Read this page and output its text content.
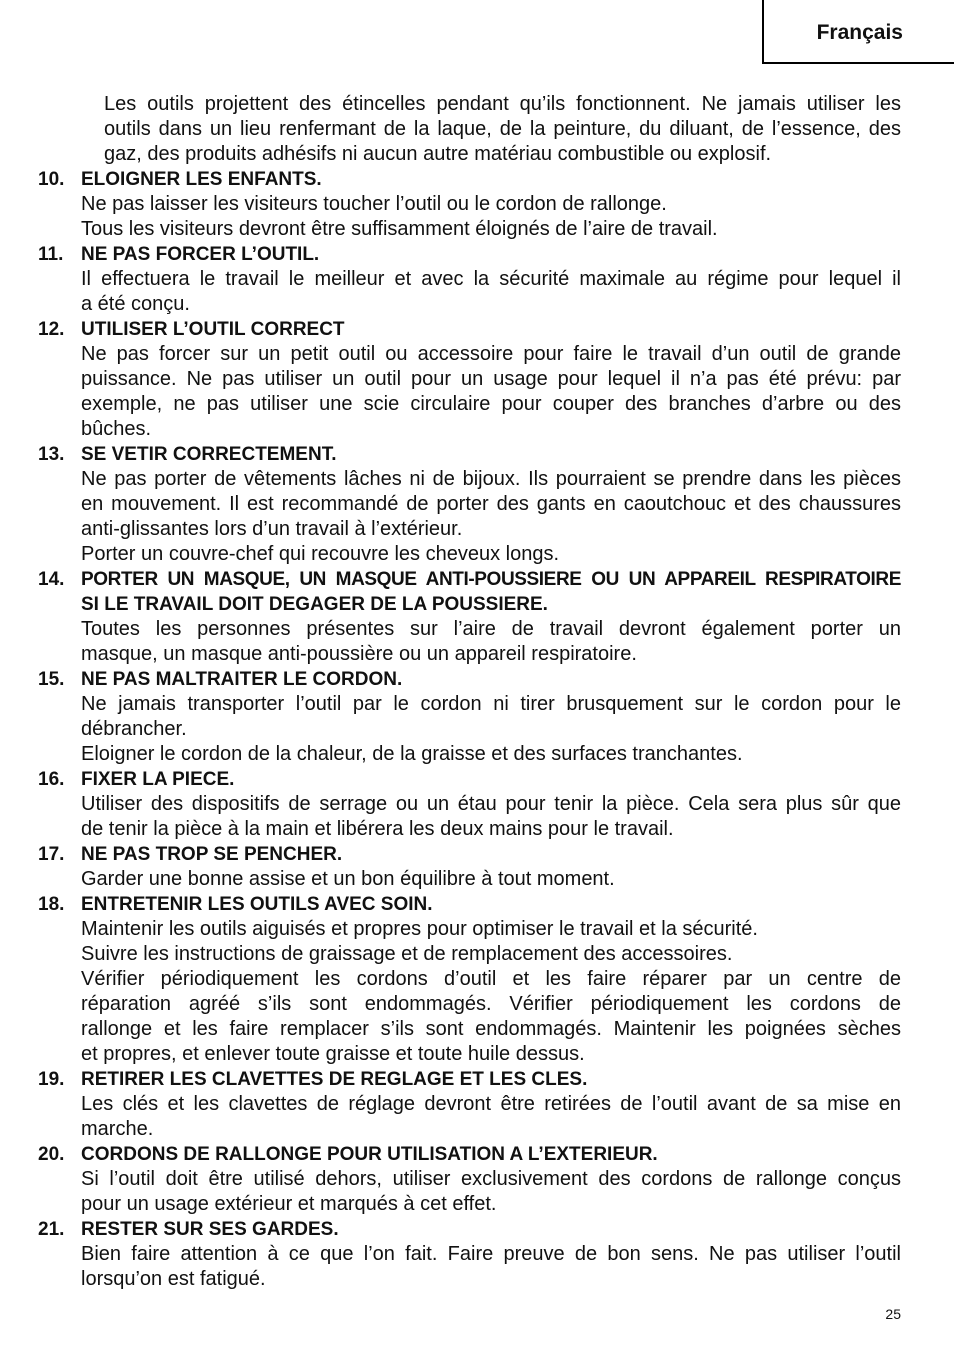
Français
Les outils projettent des étincelles pendant qu’ils fonctionnent. Ne jamais utiliser les
outils dans un lieu renfermant de la laque, de la peinture, du diluant, de l’essence, des
gaz, des produits adhésifs ni aucun autre matériau combustible ou explosif.
10. ELOIGNER LES ENFANTS.
Ne pas laisser les visiteurs toucher l’outil ou le cordon de rallonge.
Tous les visiteurs devront être suffisamment éloignés de l’aire de travail.
11. NE PAS FORCER L’OUTIL.
Il effectuera le travail le meilleur et avec la sécurité maximale au régime pour lequel il
a été conçu.
12. UTILISER L’OUTIL CORRECT
Ne pas forcer sur un petit outil ou accessoire pour faire le travail d’un outil de grande
puissance. Ne pas utiliser un outil pour un usage pour lequel il n’a pas été prévu: par
exemple, ne pas utiliser une scie circulaire pour couper des branches d’arbre ou des
bûches.
13. SE VETIR CORRECTEMENT.
Ne pas porter de vêtements lâches ni de bijoux. Ils pourraient se prendre dans les pièces
en mouvement. Il est recommandé de porter des gants en caoutchouc et des chaussures
anti-glissantes lors d’un travail à l’extérieur.
Porter un couvre-chef qui recouvre les cheveux longs.
14. PORTER UN MASQUE, UN MASQUE ANTI-POUSSIERE OU UN APPAREIL RESPIRATOIRE
SI LE TRAVAIL DOIT DEGAGER DE LA POUSSIERE.
Toutes les personnes présentes sur l’aire de travail devront également porter un
masque, un masque anti-poussière ou un appareil respiratoire.
15. NE PAS MALTRAITER LE CORDON.
Ne jamais transporter l’outil par le cordon ni tirer brusquement sur le cordon pour le
débrancher.
Eloigner le cordon de la chaleur, de la graisse et des surfaces tranchantes.
16. FIXER LA PIECE.
Utiliser des dispositifs de serrage ou un étau pour tenir la pièce. Cela sera plus sûr que
de tenir la pièce à la main et libérera les deux mains pour le travail.
17. NE PAS TROP SE PENCHER.
Garder une bonne assise et un bon équilibre à tout moment.
18. ENTRETENIR LES OUTILS AVEC SOIN.
Maintenir les outils aiguisés et propres pour optimiser le travail et la sécurité.
Suivre les instructions de graissage et de remplacement des accessoires.
Vérifier périodiquement les cordons d’outil et les faire réparer par un centre de
réparation agréé s’ils sont endommagés. Vérifier périodiquement les cordons de
rallonge et les faire remplacer s’ils sont endommagés. Maintenir les poignées sèches
et propres, et enlever toute graisse et toute huile dessus.
19. RETIRER LES CLAVETTES DE REGLAGE ET LES CLES.
Les clés et les clavettes de réglage devront être retirées de l’outil avant de sa mise en
marche.
20. CORDONS DE RALLONGE POUR UTILISATION A L’EXTERIEUR.
Si l’outil doit être utilisé dehors, utiliser exclusivement des cordons de rallonge conçus
pour un usage extérieur et marqués à cet effet.
21. RESTER SUR SES GARDES.
Bien faire attention à ce que l’on fait. Faire preuve de bon sens. Ne pas utiliser l’outil
lorsqu’on est fatigué.
25
